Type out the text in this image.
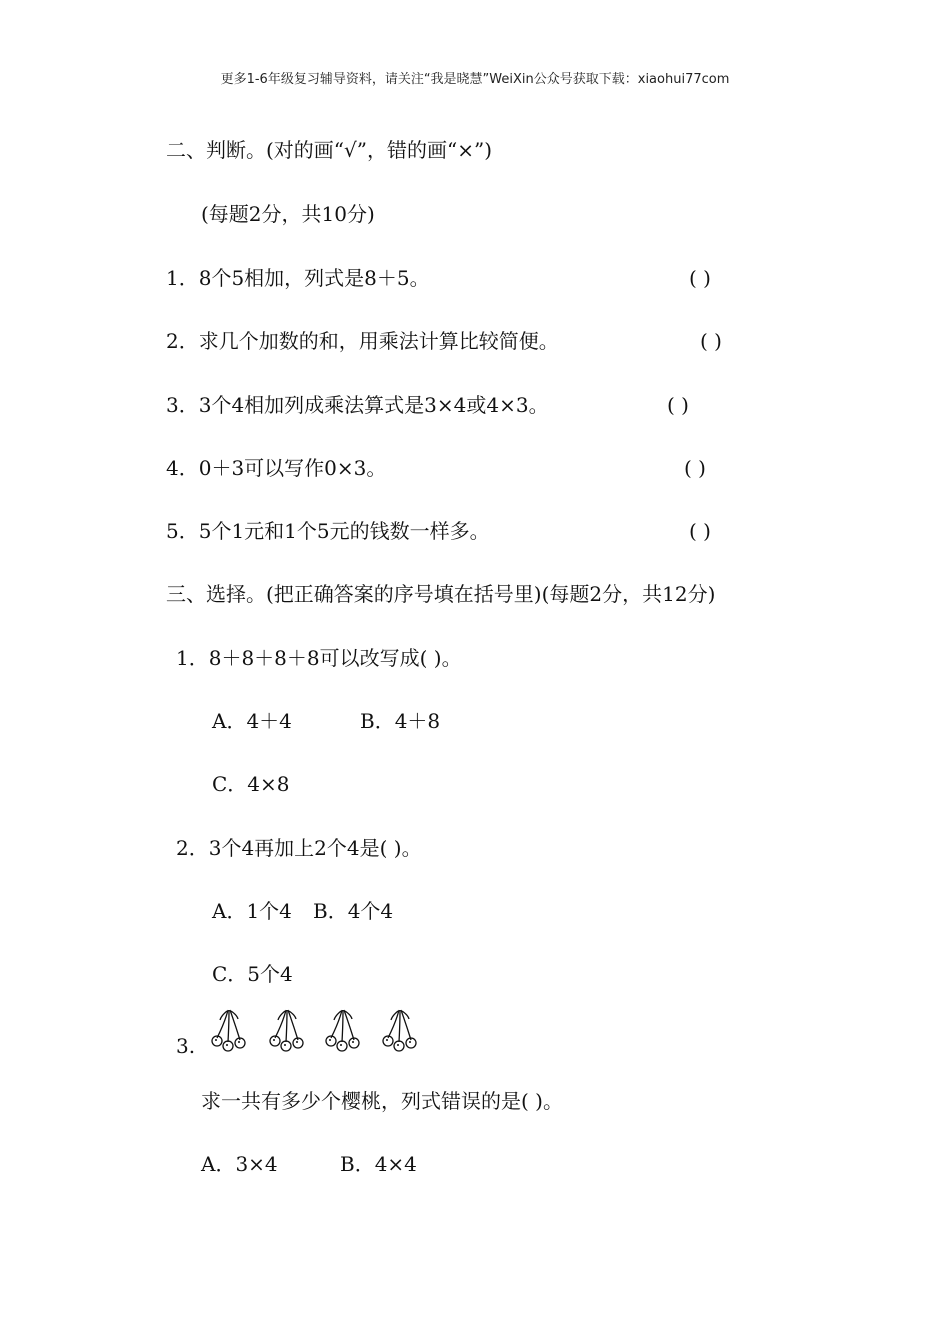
更多1-6年级复习辅导资料，请关注“我是晓慧”WeiXin公众号获取下载：xiaohui77com
二、判断。(对的画“√”，错的画“×”)
(每题2分，共10分)
1．8个5相加，列式是8＋5。	( )
2．求几个加数的和，用乘法计算比较简便。	( )
3．3个4相加列成乘法算式是3×4或4×3。	( )
4．0＋3可以写作0×3。	( )
5．5个1元和1个5元的钱数一样多。	( )
三、选择。(把正确答案的序号填在括号里)(每题2分，共12分)
1．8＋8＋8＋8可以改写成( )。
A．4＋4	B．4＋8
C．4×8
2．3个4再加上2个4是( )。
A．1个4 B．4个4
C．5个4
3.
求一共有多少个樱桃，列式错误的是( )。
A．3×4	B．4×4
